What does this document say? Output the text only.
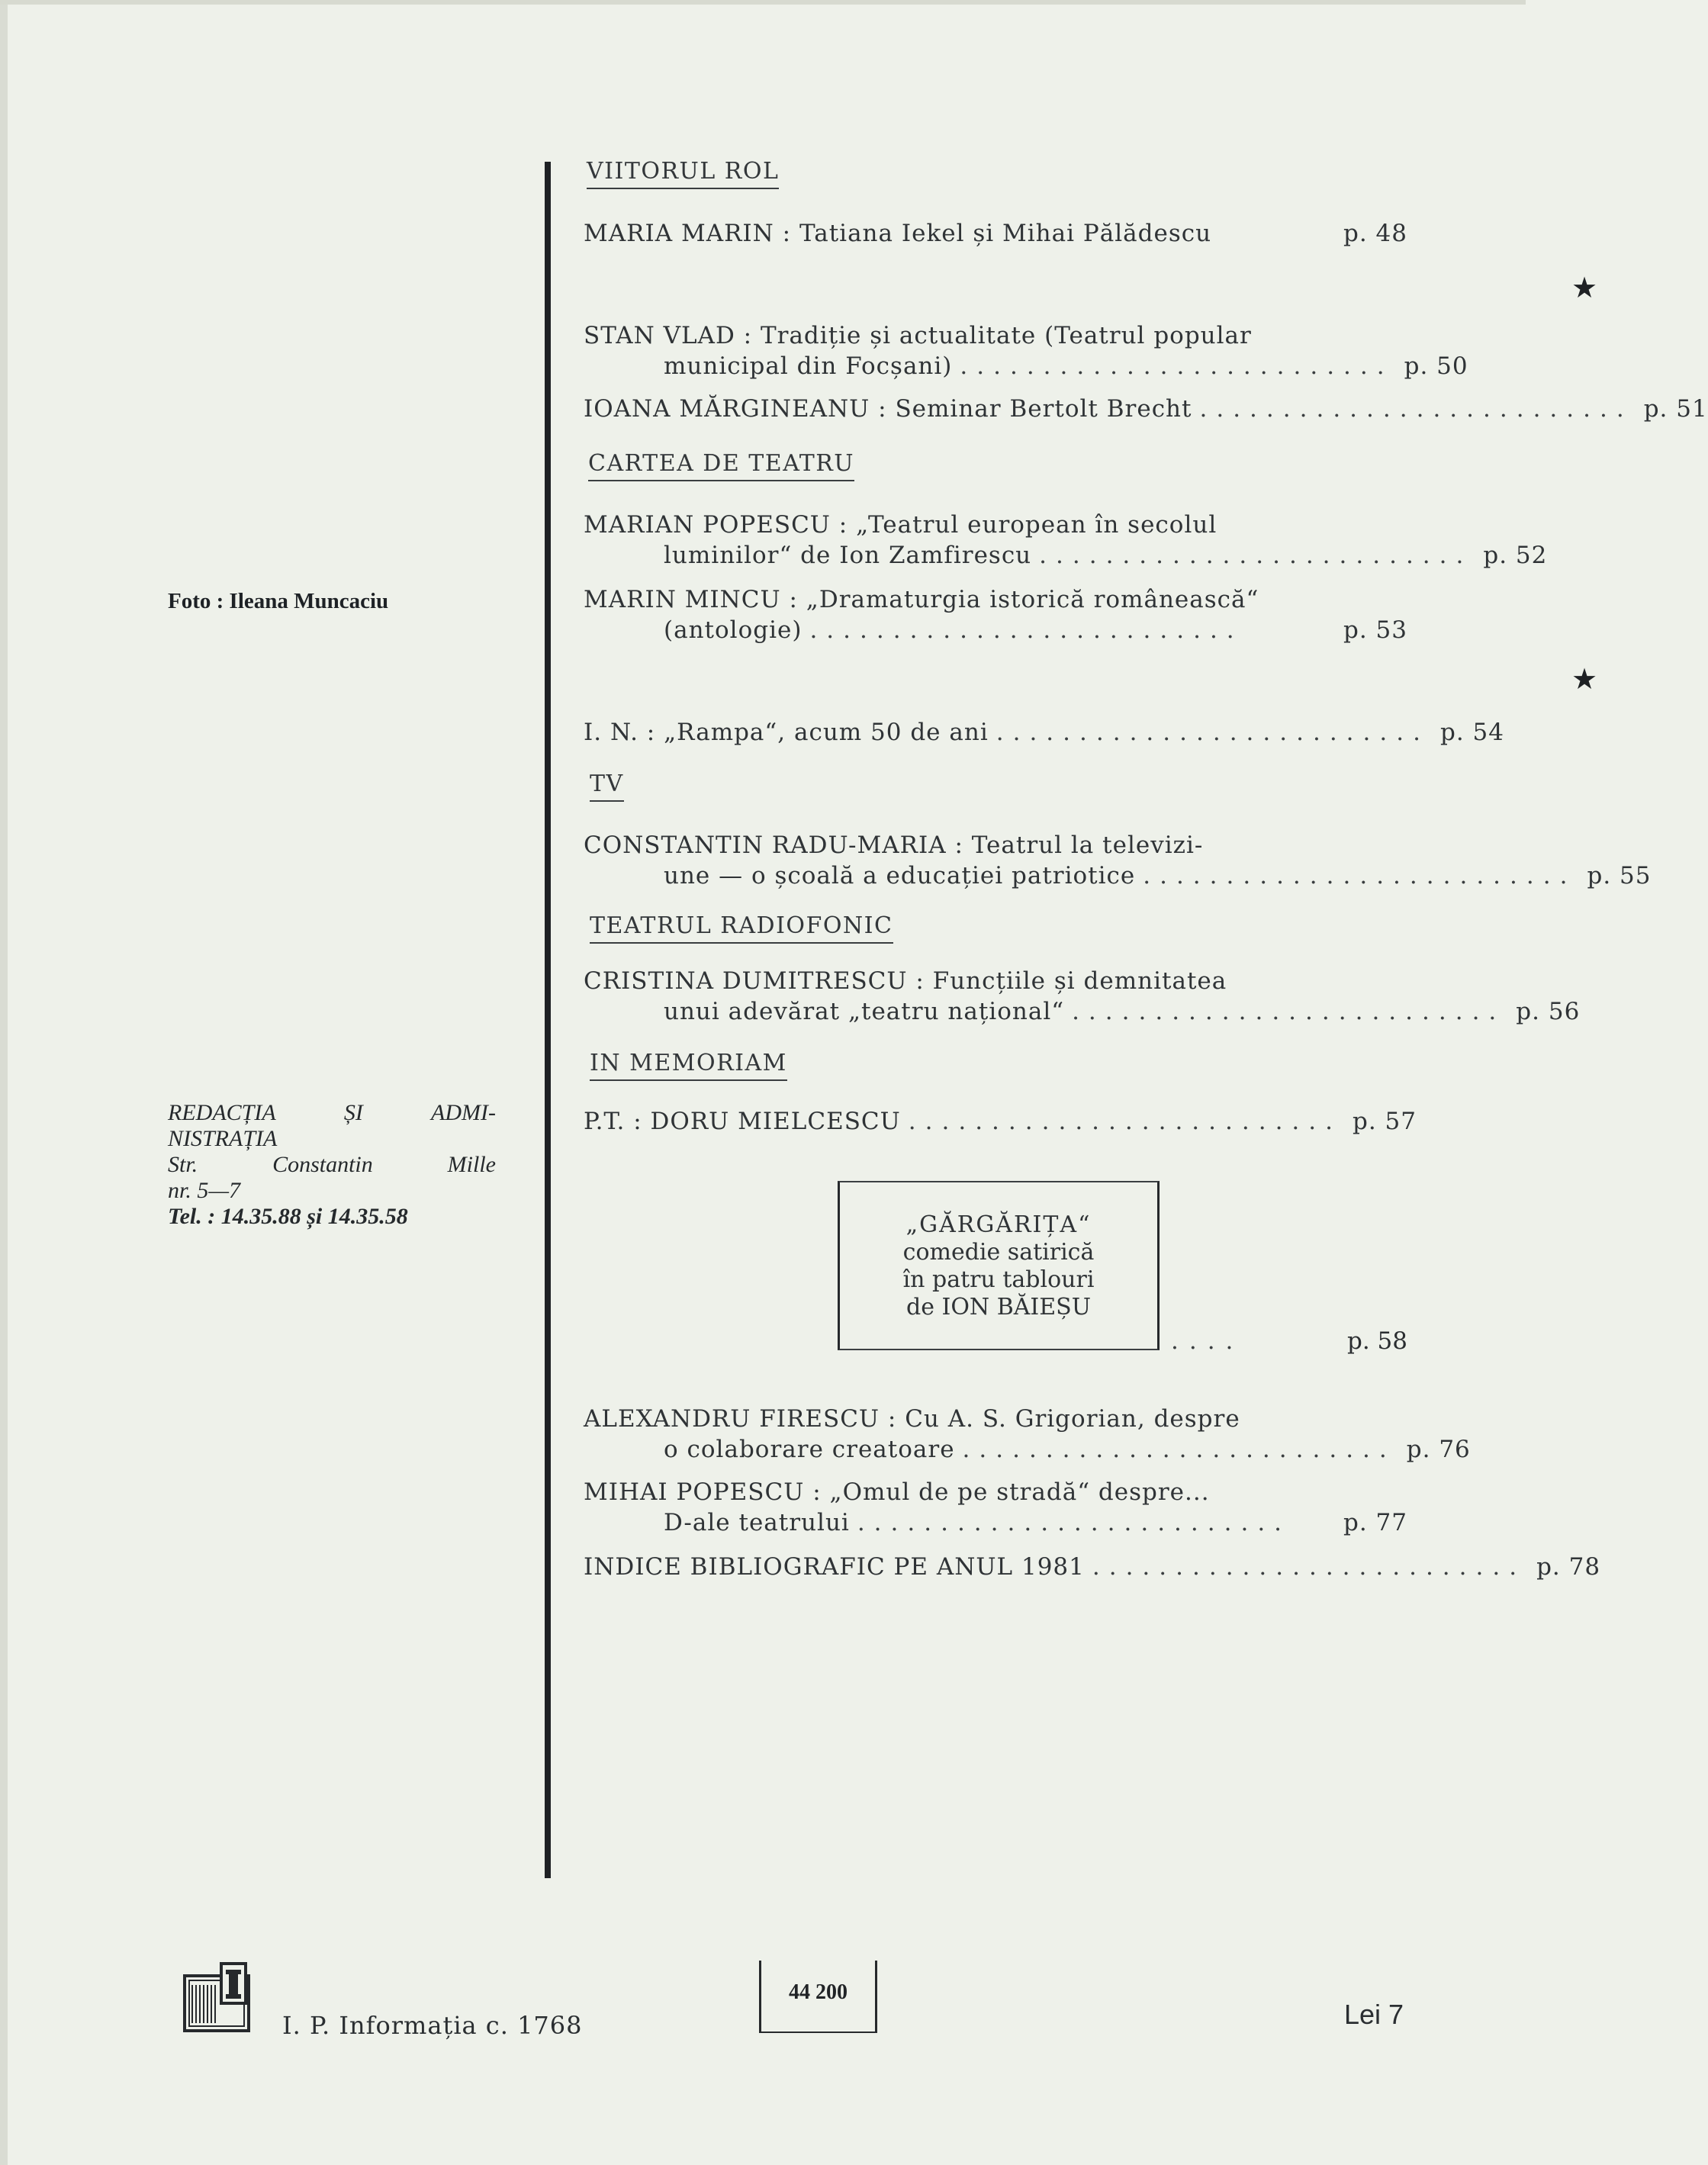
Foto : Ileana Muncaciu
REDACȚIA	ȘI	ADMI-
NISTRAȚIA
Str.	Constantin	Mille
nr. 5—7
Tel. : 14.35.88 și 14.35.58
VIITORUL ROL
MARIA MARIN : Tatiana Iekel și Mihai Pălădescu	p. 48
★
STAN VLAD : Tradiție și actualitate (Teatrul popular
municipal din Focșani) .......................... p. 50
IOANA MĂRGINEANU : Seminar Bertolt Brecht .......................... p. 51
CARTEA DE TEATRU
MARIAN POPESCU : „Teatrul european în secolul
luminilor“ de Ion Zamfirescu .......................... p. 52
MARIN MINCU : „Dramaturgia istorică românească“
(antologie) ..........................	p. 53
★
I. N. : „Rampa“, acum 50 de ani .......................... p. 54
TV
CONSTANTIN RADU-MARIA : Teatrul la televizi-
une — o școală a educației patriotice .......................... p. 55
TEATRUL RADIOFONIC
CRISTINA DUMITRESCU : Funcțiile și demnitatea
unui adevărat „teatru național“ .......................... p. 56
IN MEMORIAM
P.T. : DORU MIELCESCU .......................... p. 57
ALEXANDRU FIRESCU : Cu A. S. Grigorian, despre
o colaborare creatoare .......................... p. 76
MIHAI POPESCU : „Omul de pe stradă“ despre...
D-ale teatrului ..........................	p. 77
INDICE BIBLIOGRAFIC PE ANUL 1981 .......................... p. 78
„GĂRGĂRIȚA“
comedie satirică
în patru tablouri
de ION BĂIEȘU
....	p. 58
I. P. Informația c. 1768
44 200
Lei 7
